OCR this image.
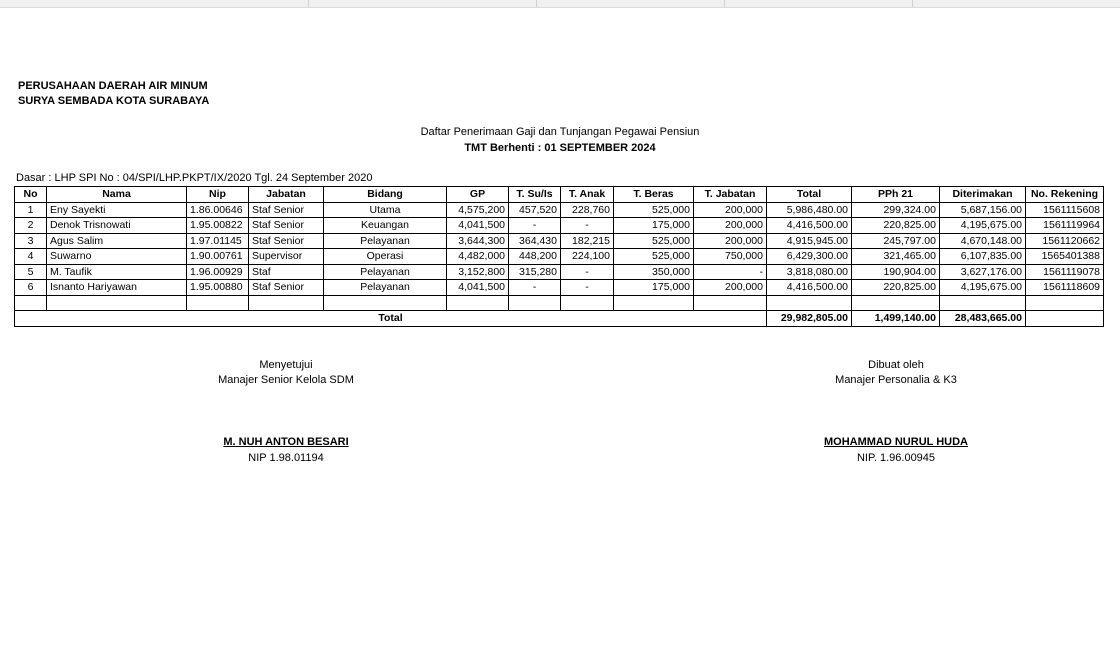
PERUSAHAAN DAERAH AIR MINUM
SURYA SEMBADA KOTA SURABAYA
Daftar Penerimaan Gaji dan Tunjangan Pegawai Pensiun
TMT Berhenti : 01 SEPTEMBER 2024
Dasar : LHP SPI No : 04/SPI/LHP.PKPT/IX/2020 Tgl. 24 September 2020
No	Nama	Nip	Jabatan	Bidang	GP	T. Su/Is	T. Anak	T. Beras	T. Jabatan	Total	PPh 21	Diterimakan	No. Rekening
1	Eny Sayekti	1.86.00646	Staf Senior	Utama	4,575,200	457,520	228,760	525,000	200,000	5,986,480.00	299,324.00	5,687,156.00	1561115608
2	Denok Trisnowati	1.95.00822	Staf Senior	Keuangan	4,041,500	-	-	175,000	200,000	4,416,500.00	220,825.00	4,195,675.00	1561119964
3	Agus Salim	1.97.01145	Staf Senior	Pelayanan	3,644,300	364,430	182,215	525,000	200,000	4,915,945.00	245,797.00	4,670,148.00	1561120662
4	Suwarno	1.90.00761	Supervisor	Operasi	4,482,000	448,200	224,100	525,000	750,000	6,429,300.00	321,465.00	6,107,835.00	1565401388
5	M. Taufik	1.96.00929	Staf	Pelayanan	3,152,800	315,280	-	350,000	-	3,818,080.00	190,904.00	3,627,176.00	1561119078
6	Isnanto Hariyawan	1.95.00880	Staf Senior	Pelayanan	4,041,500	-	-	175,000	200,000	4,416,500.00	220,825.00	4,195,675.00	1561118609

Total										29,982,805.00	1,499,140.00	28,483,665.00	
Menyetujui
Manajer Senior Kelola SDM
M. NUH ANTON BESARI
NIP 1.98.01194
Dibuat oleh
Manajer Personalia & K3
MOHAMMAD NURUL HUDA
NIP. 1.96.00945
